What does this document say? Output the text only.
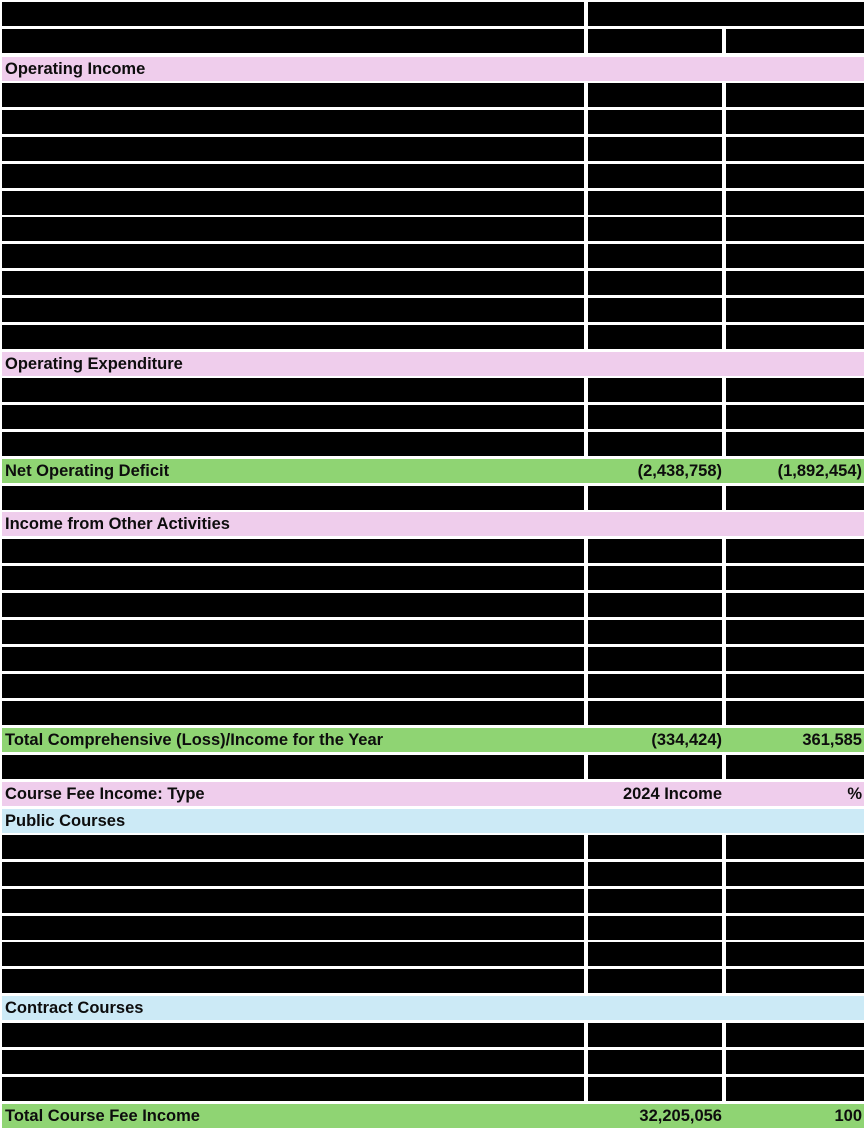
Operating Income
Operating Expenditure
Net Operating Deficit	(2,438,758)	(1,892,454)
Income from Other Activities
Total Comprehensive (Loss)/Income for the Year	(334,424)	361,585
Course Fee Income: Type	2024 Income	%
Public Courses
Contract Courses
Total Course Fee Income	32,205,056	100
